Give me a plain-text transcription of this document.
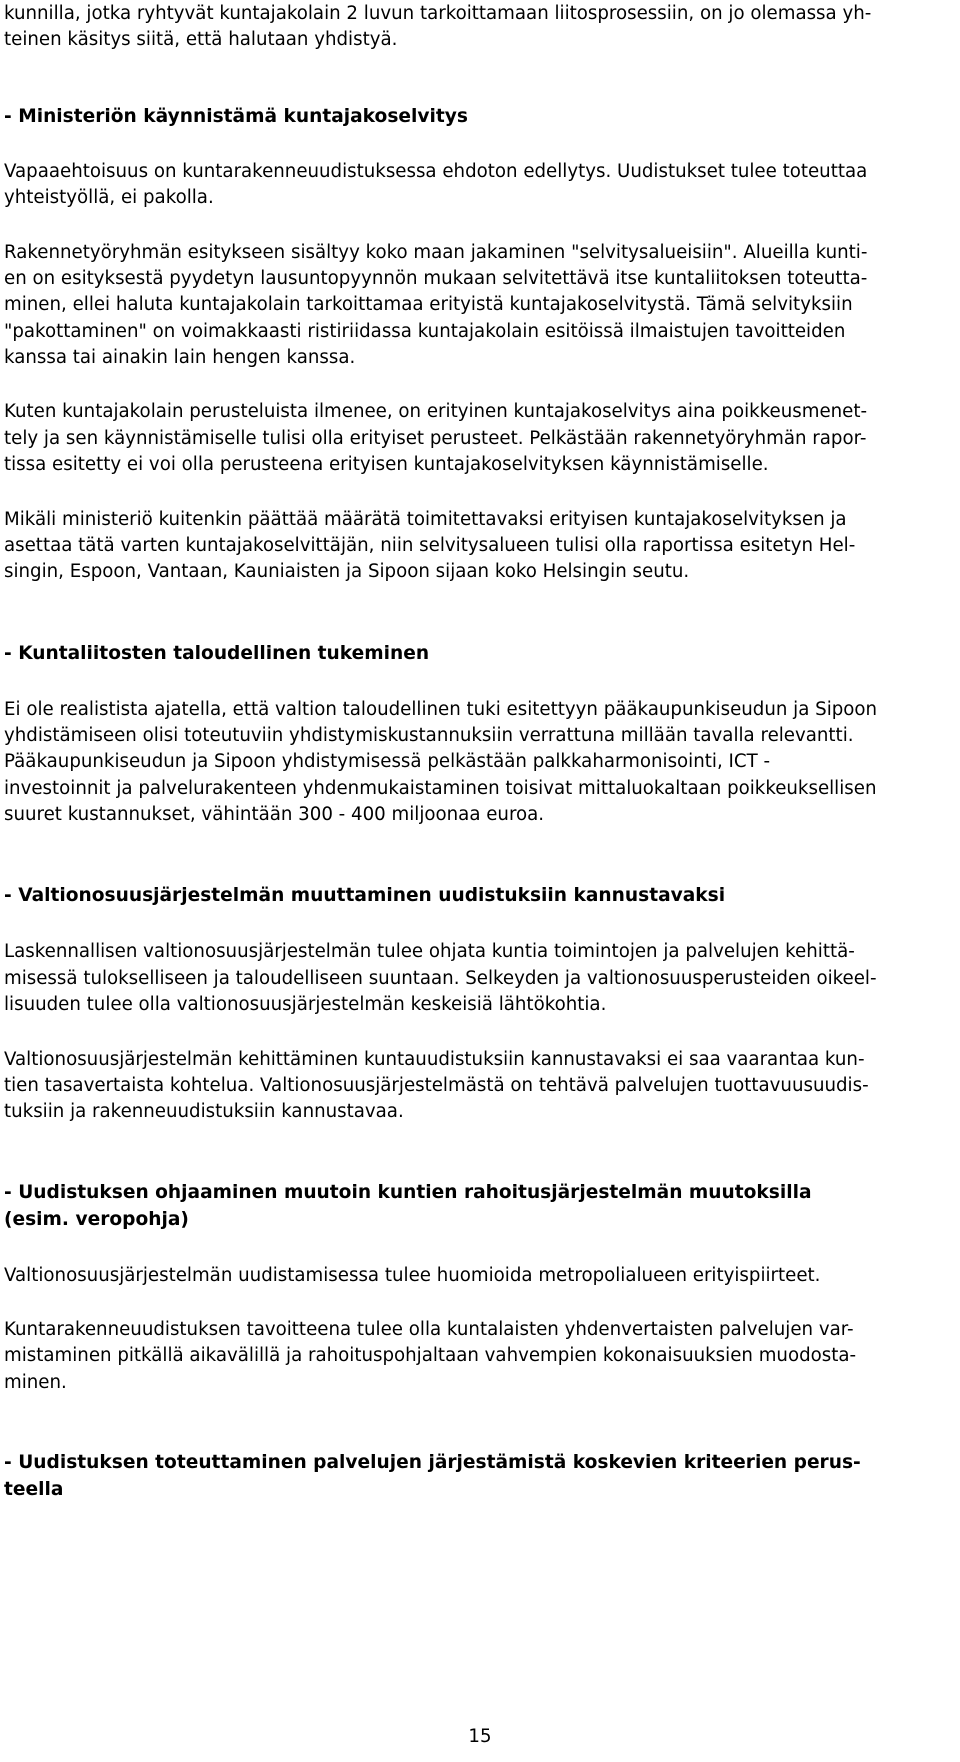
kunnilla, jotka ryhtyvät kuntajakolain 2 luvun tarkoittamaan liitosprosessiin, on jo olemassa yh-
teinen käsitys siitä, että halutaan yhdistyä.
- Ministeriön käynnistämä kuntajakoselvitys
Vapaaehtoisuus on kuntarakenneuudistuksessa ehdoton edellytys. Uudistukset tulee toteuttaa
yhteistyöllä, ei pakolla.
Rakennetyöryhmän esitykseen sisältyy koko maan jakaminen "selvitysalueisiin". Alueilla kunti-
en on esityksestä pyydetyn lausuntopyynnön mukaan selvitettävä itse kuntaliitoksen toteutta-
minen, ellei haluta kuntajakolain tarkoittamaa erityistä kuntajakoselvitystä. Tämä selvityksiin
"pakottaminen" on voimakkaasti ristiriidassa kuntajakolain esitöissä ilmaistujen tavoitteiden
kanssa tai ainakin lain hengen kanssa.
Kuten kuntajakolain perusteluista ilmenee, on erityinen kuntajakoselvitys aina poikkeusmenet-
tely ja sen käynnistämiselle tulisi olla erityiset perusteet. Pelkästään rakennetyöryhmän rapor-
tissa esitetty ei voi olla perusteena erityisen kuntajakoselvityksen käynnistämiselle.
Mikäli ministeriö kuitenkin päättää määrätä toimitettavaksi erityisen kuntajakoselvityksen ja
asettaa tätä varten kuntajakoselvittäjän, niin selvitysalueen tulisi olla raportissa esitetyn Hel-
singin, Espoon, Vantaan, Kauniaisten ja Sipoon sijaan koko Helsingin seutu.
- Kuntaliitosten taloudellinen tukeminen
Ei ole realistista ajatella, että valtion taloudellinen tuki esitettyyn pääkaupunkiseudun ja Sipoon
yhdistämiseen olisi toteutuviin yhdistymiskustannuksiin verrattuna millään tavalla relevantti.
Pääkaupunkiseudun ja Sipoon yhdistymisessä pelkästään palkkaharmonisointi, ICT -
investoinnit ja palvelurakenteen yhdenmukaistaminen toisivat mittaluokaltaan poikkeuksellisen
suuret kustannukset, vähintään 300 - 400 miljoonaa euroa.
- Valtionosuusjärjestelmän muuttaminen uudistuksiin kannustavaksi
Laskennallisen valtionosuusjärjestelmän tulee ohjata kuntia toimintojen ja palvelujen kehittä-
misessä tulokselliseen ja taloudelliseen suuntaan. Selkeyden ja valtionosuusperusteiden oikeel-
lisuuden tulee olla valtionosuusjärjestelmän keskeisiä lähtökohtia.
Valtionosuusjärjestelmän kehittäminen kuntauudistuksiin kannustavaksi ei saa vaarantaa kun-
tien tasavertaista kohtelua. Valtionosuusjärjestelmästä on tehtävä palvelujen tuottavuusuudis-
tuksiin ja rakenneuudistuksiin kannustavaa.
- Uudistuksen ohjaaminen muutoin kuntien rahoitusjärjestelmän muutoksilla
(esim. veropohja)
Valtionosuusjärjestelmän uudistamisessa tulee huomioida metropolialueen erityispiirteet.
Kuntarakenneuudistuksen tavoitteena tulee olla kuntalaisten yhdenvertaisten palvelujen var-
mistaminen pitkällä aikavälillä ja rahoituspohjaltaan vahvempien kokonaisuuksien muodosta-
minen.
- Uudistuksen toteuttaminen palvelujen järjestämistä koskevien kriteerien perus-
teella
15
